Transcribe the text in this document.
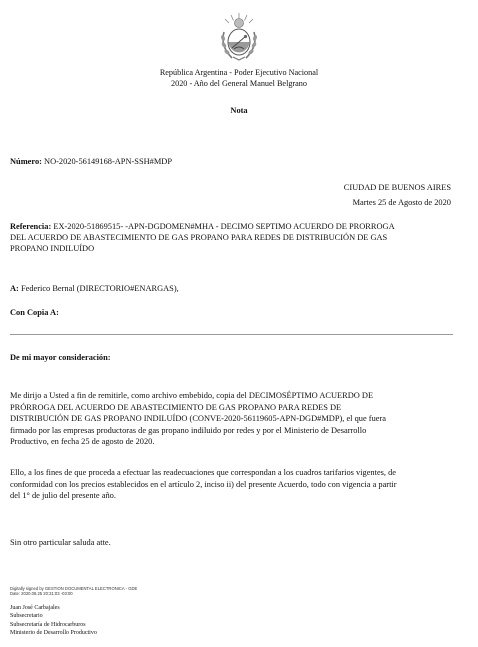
República Argentina - Poder Ejecutivo Nacional
2020 - Año del General Manuel Belgrano
Nota
Número: NO-2020-56149168-APN-SSH#MDP
CIUDAD DE BUENOS AIRES
Martes 25 de Agosto de 2020
Referencia: EX-2020-51869515- -APN-DGDOMEN#MHA - DECIMO SEPTIMO ACUERDO DE PRORROGA
DEL ACUERDO DE ABASTECIMIENTO DE GAS PROPANO PARA REDES DE DISTRIBUCIÓN DE GAS
PROPANO INDILUÍDO
A: Federico Bernal (DIRECTORIO#ENARGAS),
Con Copia A:
De mi mayor consideración:
Me dirijo a Usted a fin de remitirle, como archivo embebido, copia del DECIMOSÉPTIMO ACUERDO DE
PRÓRROGA DEL ACUERDO DE ABASTECIMIENTO DE GAS PROPANO PARA REDES DE
DISTRIBUCIÓN DE GAS PROPANO INDILUÍDO (CONVE-2020-56119605-APN-DGD#MDP), el que fuera
firmado por las empresas productoras de gas propano indiluido por redes y por el Ministerio de Desarrollo
Productivo, en fecha 25 de agosto de 2020.
Ello, a los fines de que proceda a efectuar las readecuaciones que correspondan a los cuadros tarifarios vigentes, de
conformidad con los precios establecidos en el artículo 2, inciso ii) del presente Acuerdo, todo con vigencia a partir
del 1° de julio del presente año.
Sin otro particular saluda atte.
Digitally signed by GESTION DOCUMENTAL ELECTRONICA - GDE
Date: 2020.08.25 20:31:03 -03:00
Juan José Carbajales
Subsecretario
Subsecretaría de Hidrocarburos
Ministerio de Desarrollo Productivo
